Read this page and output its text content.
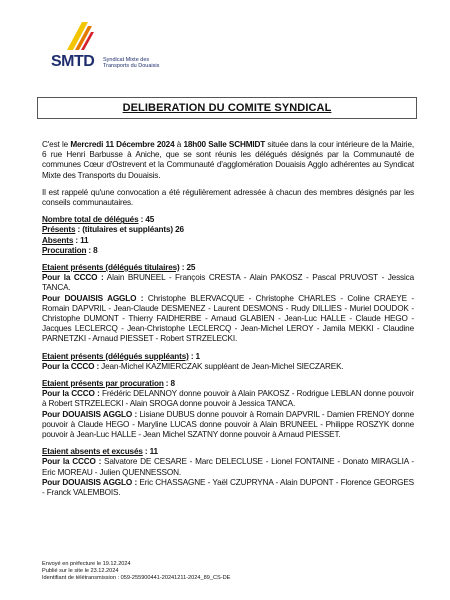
SMTD Syndicat Mixte des Transports du Douaisis
DELIBERATION DU COMITE SYNDICAL

C'est le Mercredi 11 Décembre 2024 à 18h00 Salle SCHMIDT située dans la cour intérieure de la Mairie, 6 rue Henri Barbusse à Aniche, que se sont réunis les délégués désignés par la Communauté de communes Cœur d'Ostrevent et la Communauté d'agglomération Douaisis Agglo adhérentes au Syndicat Mixte des Transports du Douaisis.

Il est rappelé qu'une convocation a été régulièrement adressée à chacun des membres désignés par les conseils communautaires.

Nombre total de délégués : 45

Présents : (titulaires et suppléants) 26

Absents : 11

Procuration : 8

Etaient présents (délégués titulaires) : 25

Pour la CCCO : Alain BRUNEEL - François CRESTA - Alain PAKOSZ - Pascal PRUVOST - Jessica TANCA.

Pour DOUAISIS AGGLO : Christophe BLERVACQUE - Christophe CHARLES - Coline CRAEYE - Romain DAPVRIL - Jean-Claude DESMENEZ - Laurent DESMONS - Rudy DILLIES - Muriel DOUDOK - Christophe DUMONT - Thierry FAIDHERBE - Arnaud GLABIEN - Jean-Luc HALLE - Claude HEGO - Jacques LECLERCQ - Jean-Christophe LECLERCQ - Jean-Michel LEROY - Jamila MEKKI - Claudine PARNETZKI - Arnaud PIESSET - Robert STRZELECKI.

Etaient présents (délégués suppléants) : 1

Pour la CCCO : Jean-Michel KAZMIERCZAK suppléant de Jean-Michel SIECZAREK.

Etaient présents par procuration : 8

Pour la CCCO : Frédéric DELANNOY donne pouvoir à Alain PAKOSZ - Rodrigue LEBLAN donne pouvoir à Robert STRZELECKI - Alain SROGA donne pouvoir à Jessica TANCA.

Pour DOUAISIS AGGLO : Lisiane DUBUS donne pouvoir à Romain DAPVRIL - Damien FRENOY donne pouvoir à Claude HEGO - Maryline LUCAS donne pouvoir à Alain BRUNEEL - Philippe ROSZYK donne pouvoir à Jean-Luc HALLE - Jean Michel SZATNY donne pouvoir à Arnaud PIESSET.

Etaient absents et excusés : 11

Pour la CCCO : Salvatore DE CESARE - Marc DELECLUSE - Lionel FONTAINE - Donato MIRAGLIA - Eric MOREAU - Julien QUENNESSON.

Pour DOUAISIS AGGLO : Eric CHASSAGNE - Yaël CZUPRYNA - Alain DUPONT - Florence GEORGES - Franck VALEMBOIS.

Envoyé en préfecture le 19.12.2024
Publié sur le site le 23.12.2024
Identifiant de télétransmission : 059-255900441-20241211-2024_89_CS-DE
